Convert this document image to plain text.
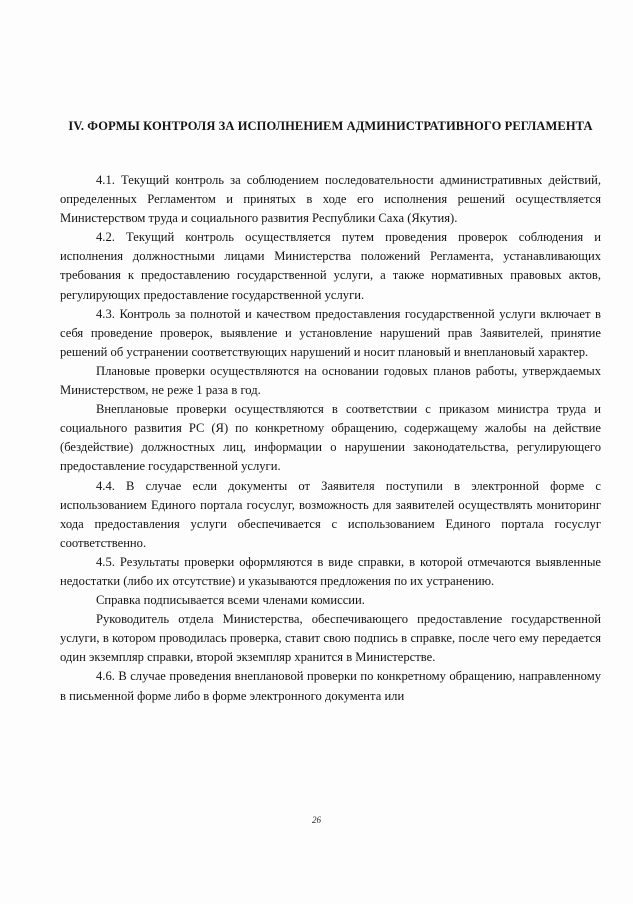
IV. ФОРМЫ КОНТРОЛЯ ЗА ИСПОЛНЕНИЕМ АДМИНИСТРАТИВНОГО РЕГЛАМЕНТА

4.1. Текущий контроль за соблюдением последовательности административных действий, определенных Регламентом и принятых в ходе его исполнения решений осуществляется Министерством труда и социального развития Республики Саха (Якутия).

4.2. Текущий контроль осуществляется путем проведения проверок соблюдения и исполнения должностными лицами Министерства положений Регламента, устанавливающих требования к предоставлению государственной услуги, а также нормативных правовых актов, регулирующих предоставление государственной услуги.

4.3. Контроль за полнотой и качеством предоставления государственной услуги включает в себя проведение проверок, выявление и установление нарушений прав Заявителей, принятие решений об устранении соответствующих нарушений и носит плановый и внеплановый характер.

Плановые проверки осуществляются на основании годовых планов работы, утверждаемых Министерством, не реже 1 раза в год.

Внеплановые проверки осуществляются в соответствии с приказом министра труда и социального развития РС (Я) по конкретному обращению, содержащему жалобы на действие (бездействие) должностных лиц, информации о нарушении законодательства, регулирующего предоставление государственной услуги.

4.4. В случае если документы от Заявителя поступили в электронной форме с использованием Единого портала госуслуг, возможность для заявителей осуществлять мониторинг хода предоставления услуги обеспечивается с использованием Единого портала госуслуг соответственно.

4.5. Результаты проверки оформляются в виде справки, в которой отмечаются выявленные недостатки (либо их отсутствие) и указываются предложения по их устранению.

Справка подписывается всеми членами комиссии.

Руководитель отдела Министерства, обеспечивающего предоставление государственной услуги, в котором проводилась проверка, ставит свою подпись в справке, после чего ему передается один экземпляр справки, второй экземпляр хранится в Министерстве.

4.6. В случае проведения внеплановой проверки по конкретному обращению, направленному в письменной форме либо в форме электронного документа или

26
